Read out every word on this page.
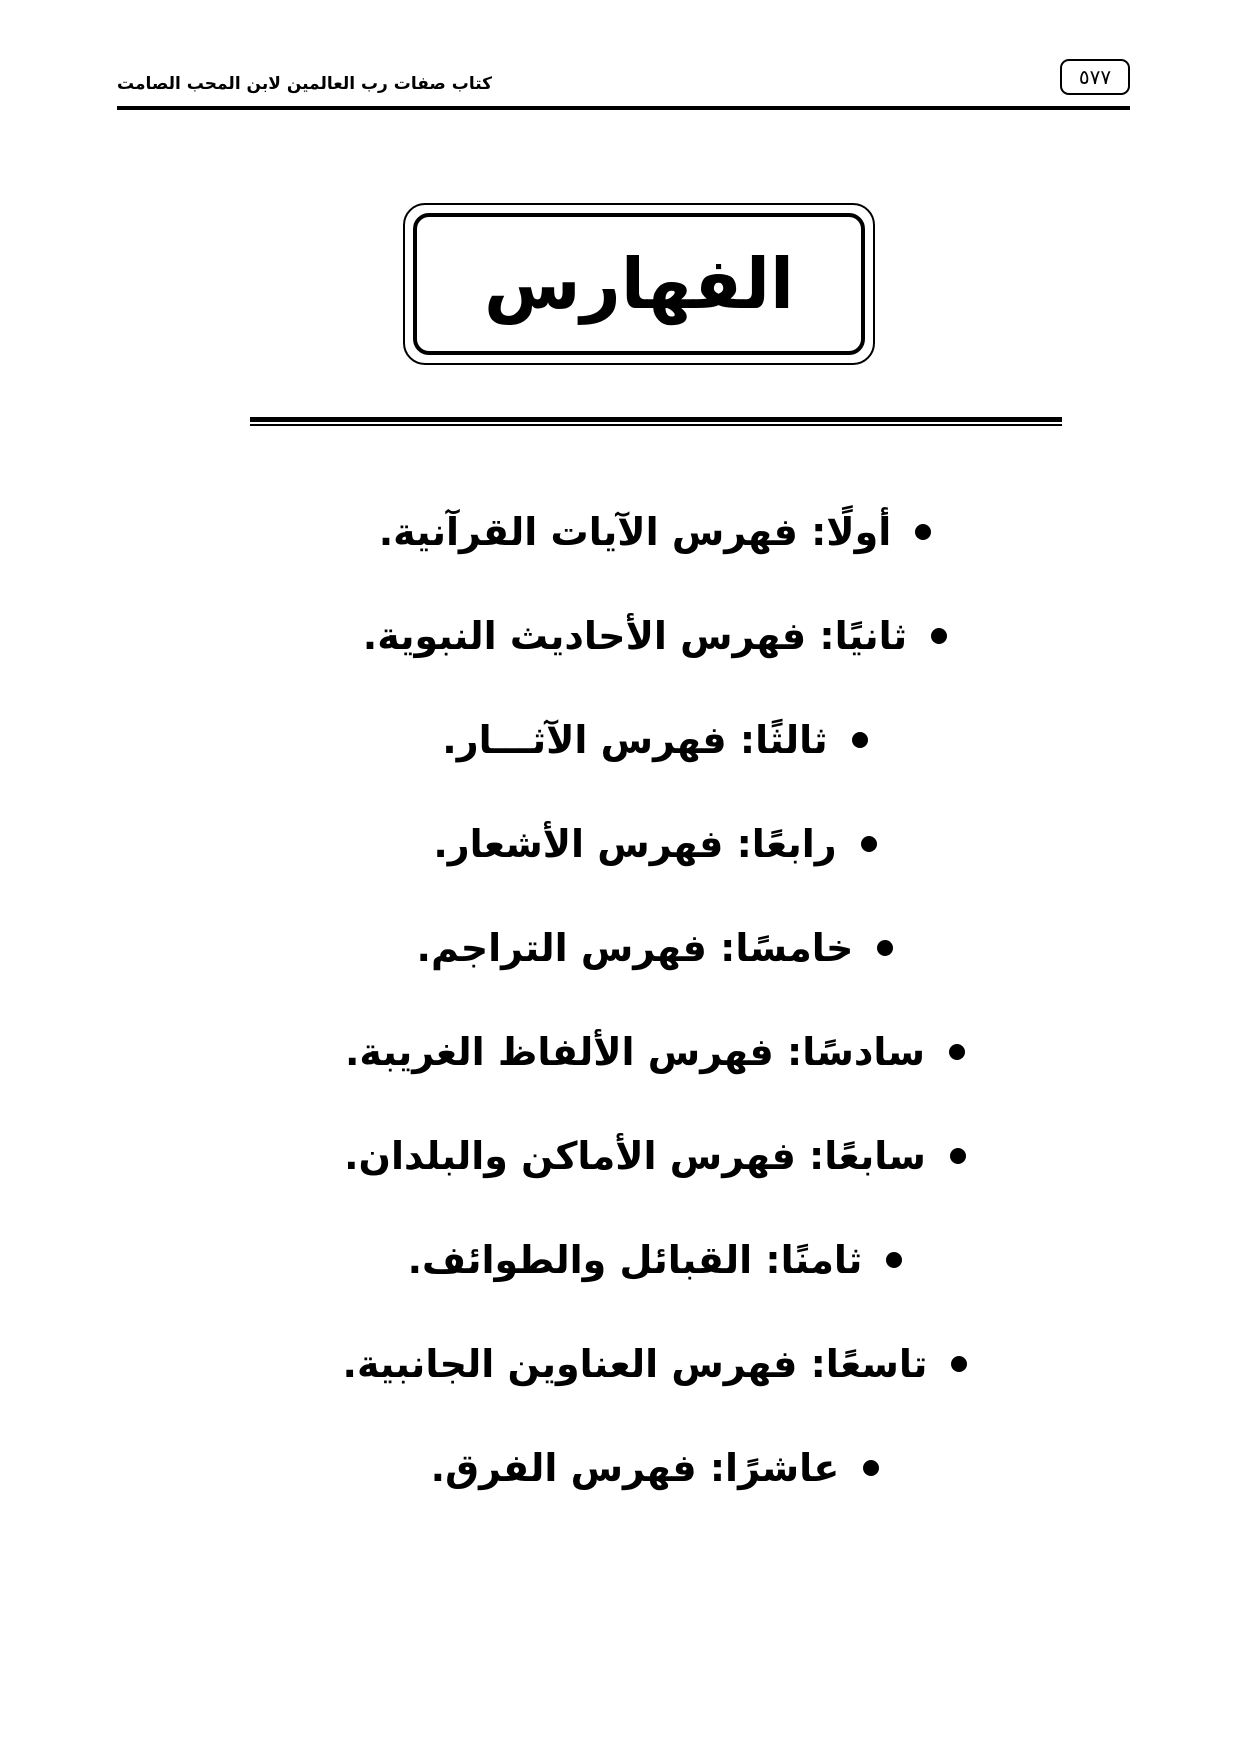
كتاب صفات رب العالمين لابن المحب الصامت	٥٧٧
الفهارس
أولًا: فهرس الآيات القرآنية.
ثانيًا: فهرس الأحاديث النبوية.
ثالثًا: فهرس الآثـــار.
رابعًا: فهرس الأشعار.
خامسًا: فهرس التراجم.
سادسًا: فهرس الألفاظ الغريبة.
سابعًا: فهرس الأماكن والبلدان.
ثامنًا: القبائل والطوائف.
تاسعًا: فهرس العناوين الجانبية.
عاشرًا: فهرس الفرق.
